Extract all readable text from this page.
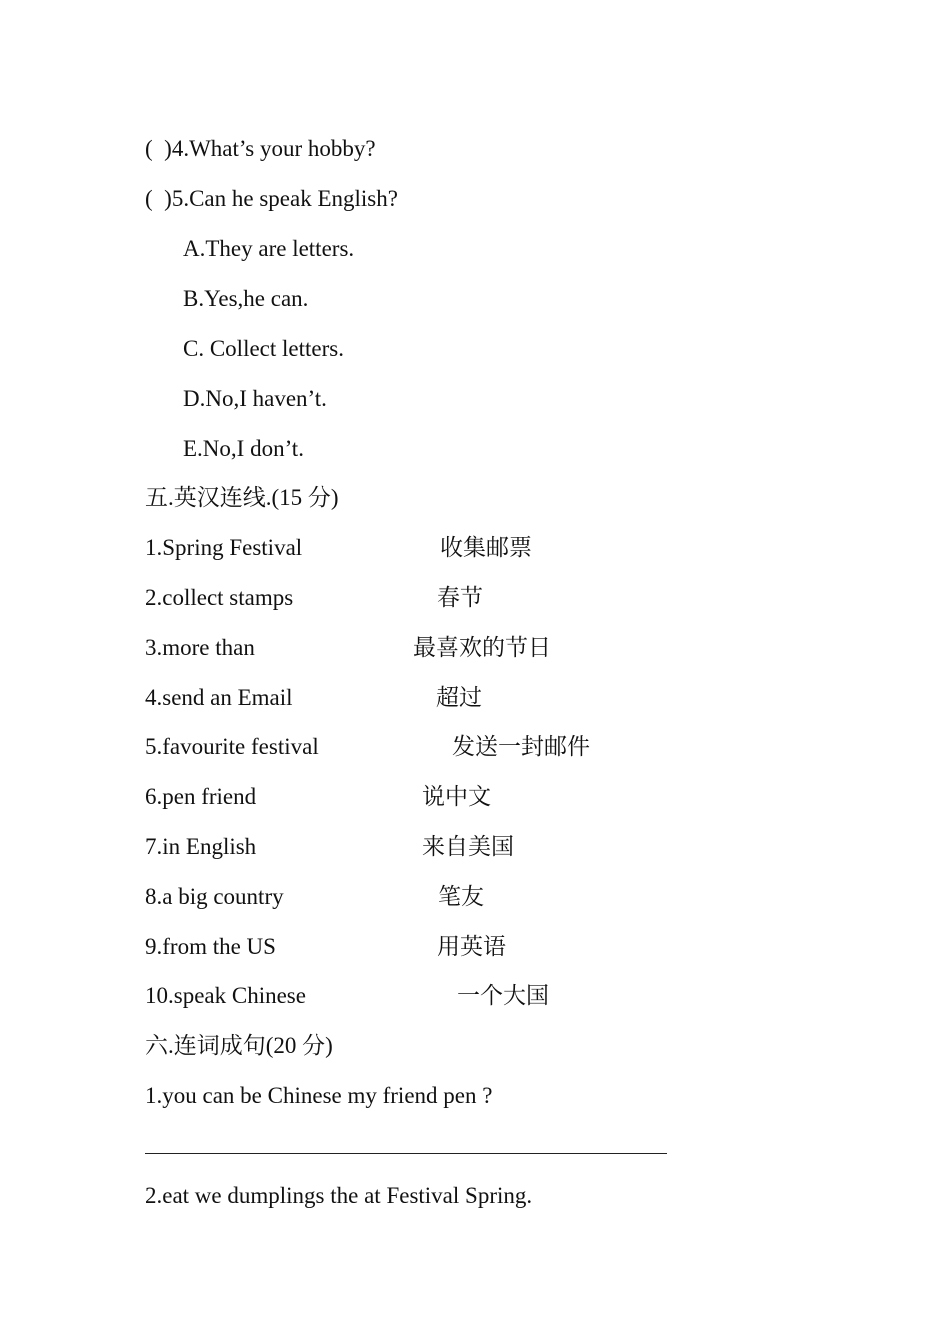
(  )4.What’s your hobby?
(  )5.Can he speak English?
A.They are letters.
B.Yes,he can.
C. Collect letters.
D.No,I haven’t.
E.No,I don’t.
五.英汉连线.(15 分)
1.Spring Festival	收集邮票
2.collect stamps	春节
3.more than	最喜欢的节日
4.send an Email	超过
5.favourite festival	发送一封邮件
6.pen friend	说中文
7.in English	来自美国
8.a big country	笔友
9.from the US	用英语
10.speak Chinese	一个大国
六.连词成句(20 分)
1.you can be Chinese my friend pen ?
2.eat we dumplings the at Festival Spring.
